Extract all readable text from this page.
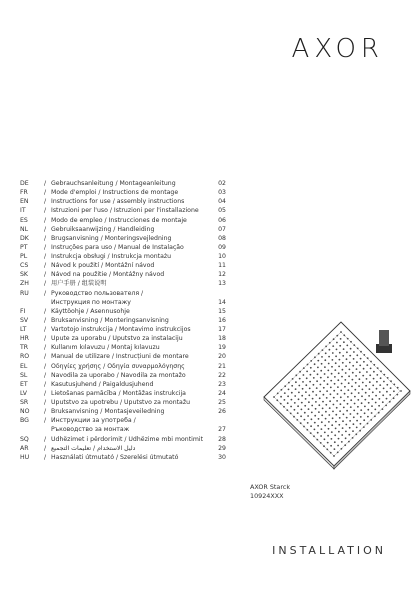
AXOR
DE	/ Gebrauchsanleitung / Montageanleitung	02
FR	/ Mode d'emploi / Instructions de montage	03
EN	/ Instructions for use / assembly instructions	04
IT	/ Istruzioni per l'uso / Istruzioni per l'installazione	05
ES	/ Modo de empleo / Instrucciones de montaje	06
NL	/ Gebruiksaanwijzing / Handleiding	07
DK	/ Brugsanvisning / Monteringsvejledning	08
PT	/ Instruções para uso / Manual de Instalação	09
PL	/ Instrukcja obsługi / Instrukcja montażu	10
CS	/ Návod k použití / Montážní návod	11
SK	/ Návod na použitie / Montážny návod	12
ZH	/ 用户手册 / 组装说明	13
RU	/ Руководство пользователя /
Инструкция по монтажу	14
FI	/ Käyttöohje / Asennusohje	15
SV	/ Bruksanvisning / Monteringsanvisning	16
LT	/ Vartotojo instrukcija / Montavimo instrukcijos	17
HR	/ Upute za uporabu / Uputstvo za instalaciju	18
TR	/ Kullanım kılavuzu / Montaj kılavuzu	19
RO	/ Manual de utilizare / Instrucțiuni de montare	20
EL	/ Οδηγίες χρήσης / Οδηγία συναρμολόγησης	21
SL	/ Navodila za uporabo / Navodila za montažo	22
ET	/ Kasutusjuhend / Paigaldusjuhend	23
LV	/ Lietošanas pamācība / Montāžas instrukcija	24
SR	/ Uputstvo za upotrebu / Uputstvo za montažu	25
NO	/ Bruksanvisning / Montasjeveiledning	26
BG	/ Инструкции за употреба /
Ръководство за монтаж	27
SQ	/ Udhëzimet i përdorimit / Udhëzime mbi montimit	28
AR	/ دليل الاستخدام / تعليمات التجميع	29
HU	/ Használati útmutató / Szerelési útmutató	30
AXOR Starck
10924XXX
INSTALLATION
